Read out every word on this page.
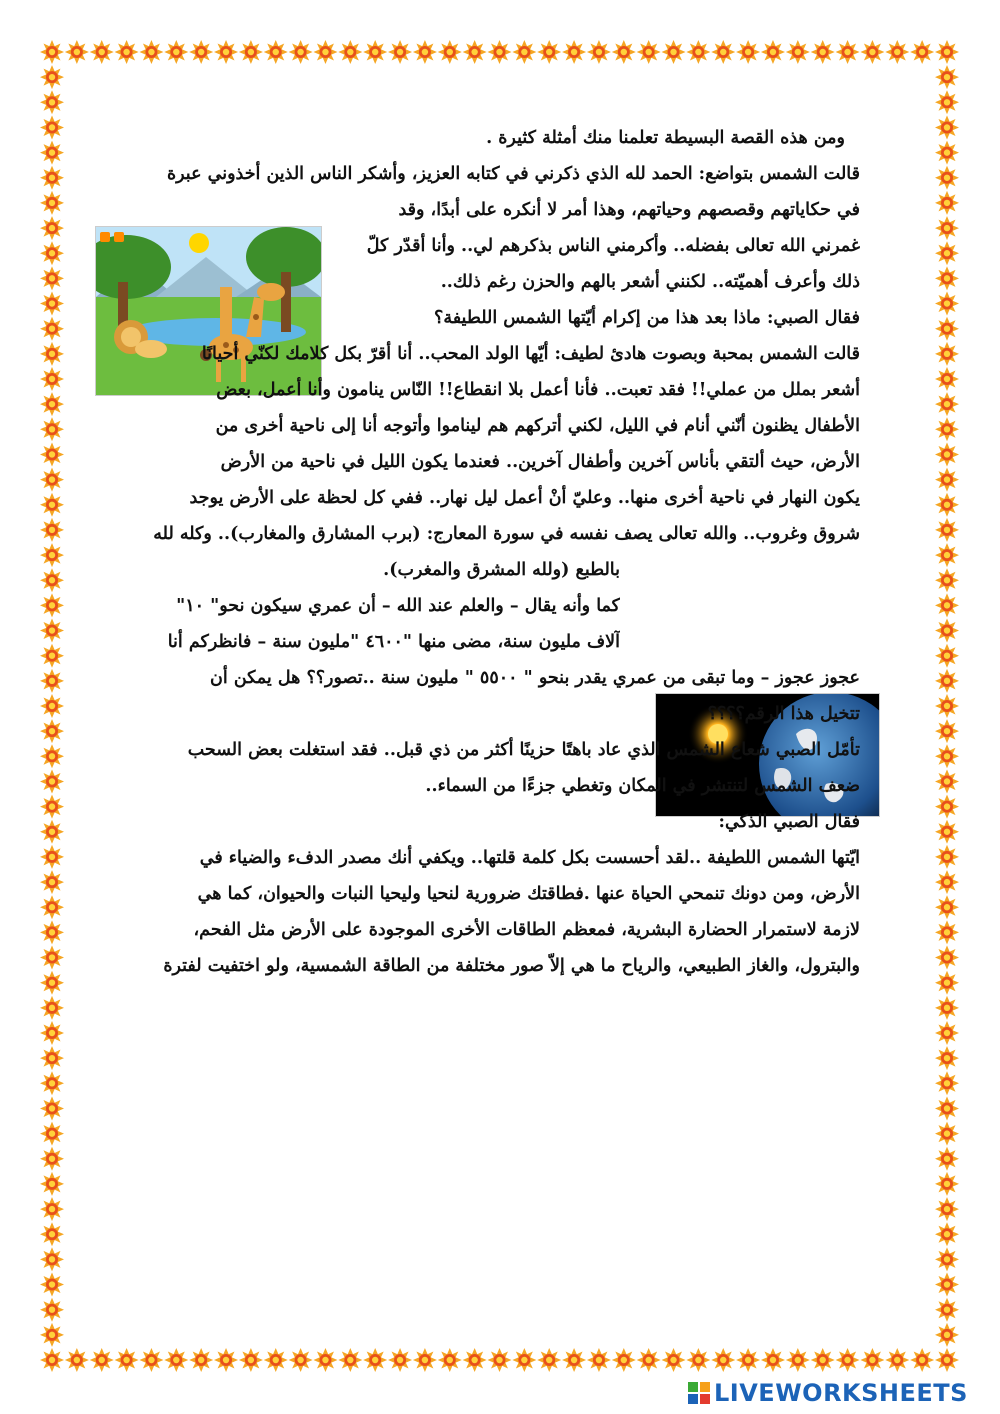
ومن هذه القصة البسيطة تعلمنا منك أمثلة كثيرة .
قالت الشمس بتواضع: الحمد لله الذي ذكرني في كتابه العزيز، وأشكر الناس الذين أخذوني عبرة
في حكاياتهم وقصصهم وحياتهم، وهذا أمر لا أنكره على أبدًا، وقد
غمرني الله تعالى بفضله.. وأكرمني الناس بذكرهم لي.. وأنا أقدّر كلّ
ذلك وأعرف أهميّته.. لكنني أشعر بالهم والحزن رغم ذلك..
فقال الصبي: ماذا بعد هذا من إكرام أيّتها الشمس اللطيفة؟
قالت الشمس بمحبة وبصوت هادئ لطيف: أيّها الولد المحب.. أنا أقرّ بكل كلامك لكنّي أحيانًا
أشعر بملل من عملي!! فقد تعبت.. فأنا أعمل بلا انقطاع!! النّاس ينامون وأنا أعمل، بعض
الأطفال يظنون أنّني أنام في الليل، لكني أتركهم هم ليناموا وأتوجه أنا إلى ناحية أخرى من
الأرض، حيث ألتقي بأناس آخرين وأطفال آخرين.. فعندما يكون الليل في ناحية من الأرض
يكون النهار في ناحية أخرى منها.. وعليّ أنْ أعمل ليل نهار.. ففي كل لحظة على الأرض يوجد
شروق وغروب.. والله تعالى يصف نفسه في سورة المعارج: (برب المشارق والمغارب).. وكله لله
بالطبع (ولله المشرق والمغرب).
كما وأنه يقال – والعلم عند الله – أن عمري سيكون نحو" ١٠"
آلاف مليون سنة، مضى منها "٤٦٠٠ "مليون سنة – فانظركم أنا
عجوز عجوز – وما تبقى من عمري يقدر بنحو " ٥٥٠٠ " مليون سنة ..تصور؟؟ هل يمكن أن
تتخيل هذا الرقم؟؟؟؟
تأمّل الصبي شعاع الشمس الذي عاد باهتًا حزينًا أكثر من ذي قبل.. فقد استغلت بعض السحب
ضعف الشمس لتنتشر في المكان وتغطي جزءًا من السماء..
فقال الصبي الذكي:
ايّتها الشمس اللطيفة ..لقد أحسست بكل كلمة قلتها.. ويكفي أنك مصدر الدفء والضياء في
الأرض، ومن دونك تنمحي الحياة عنها .فطاقتك ضرورية لنحيا وليحيا النبات والحيوان، كما هي
لازمة لاستمرار الحضارة البشرية، فمعظم الطاقات الأخرى الموجودة على الأرض مثل الفحم،
والبترول، والغاز الطبيعي، والرياح ما هي إلاّ صور مختلفة من الطاقة الشمسية، ولو اختفيت لفترة
LIVEWORKSHEETS
